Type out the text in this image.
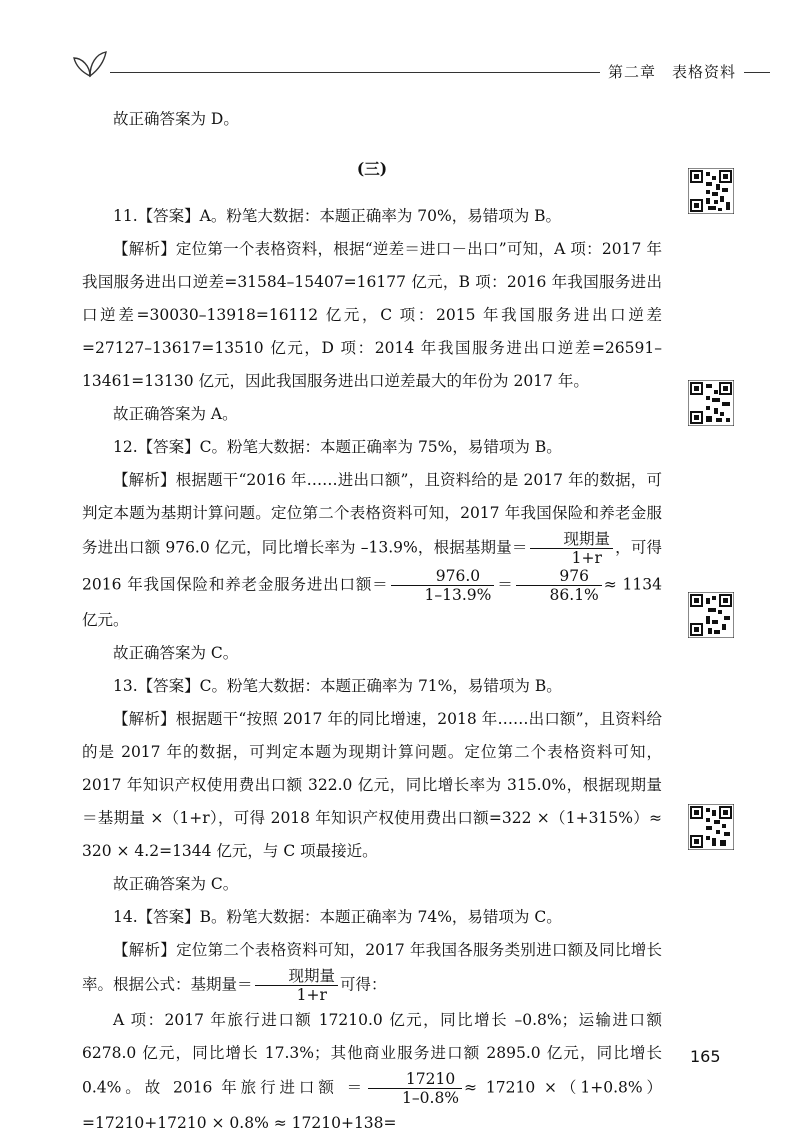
第二章 表格资料

故正确答案为 D。

(三)

11.【答案】A。粉笔大数据：本题正确率为 70%，易错项为 B。

【解析】定位第一个表格资料，根据“逆差＝进口－出口”可知，A 项：2017 年我国服务进出口逆差=31584–15407=16177 亿元，B 项：2016 年我国服务进出口逆差=30030–13918=16112 亿元，C 项：2015 年我国服务进出口逆差=27127–13617=13510 亿元，D 项：2014 年我国服务进出口逆差=26591–13461=13130 亿元，因此我国服务进出口逆差最大的年份为 2017 年。

故正确答案为 A。

12.【答案】C。粉笔大数据：本题正确率为 75%，易错项为 B。

【解析】根据题干“2016 年……进出口额”，且资料给的是 2017 年的数据，可判定本题为基期计算问题。定位第二个表格资料可知，2017 年我国保险和养老金服务进出口额 976.0 亿元，同比增长率为 –13.9%，根据基期量＝ $\frac{\text{现期量}}{1+r}$ ，可得 2016 年我国保险和养老金服务进出口额＝ $\frac{976.0}{1-13.9\%} = \frac{976}{86.1\%} \approx 1134$ 亿元。

故正确答案为 C。

13.【答案】C。粉笔大数据：本题正确率为 71%，易错项为 B。

【解析】根据题干“按照 2017 年的同比增速，2018 年……出口额”，且资料给的是 2017 年的数据，可判定本题为现期计算问题。定位第二个表格资料可知，2017 年知识产权使用费出口额 322.0 亿元，同比增长率为 315.0%，根据现期量＝基期量 ×（1+r），可得 2018 年知识产权使用费出口额=322 ×（1+315%）≈ 320 × 4.2=1344 亿元，与 C 项最接近。

故正确答案为 C。

14.【答案】B。粉笔大数据：本题正确率为 74%，易错项为 C。

【解析】定位第二个表格资料可知，2017 年我国各服务类别进口额及同比增长率。根据公式：基期量＝ $\frac{\text{现期量}}{1+r}$ 可得：

A 项：2017 年旅行进口额 17210.0 亿元，同比增长 –0.8%；运输进口额 6278.0 亿元，同比增长 17.3%；其他商业服务进口额 2895.0 亿元，同比增长 0.4%。故 2016 年旅行进口额 ＝ $\frac{17210}{1-0.8\%} \approx 17210 \times(1+0.8\%)=17210+17210 \times 0.8\% \approx 17210+138=$

165
